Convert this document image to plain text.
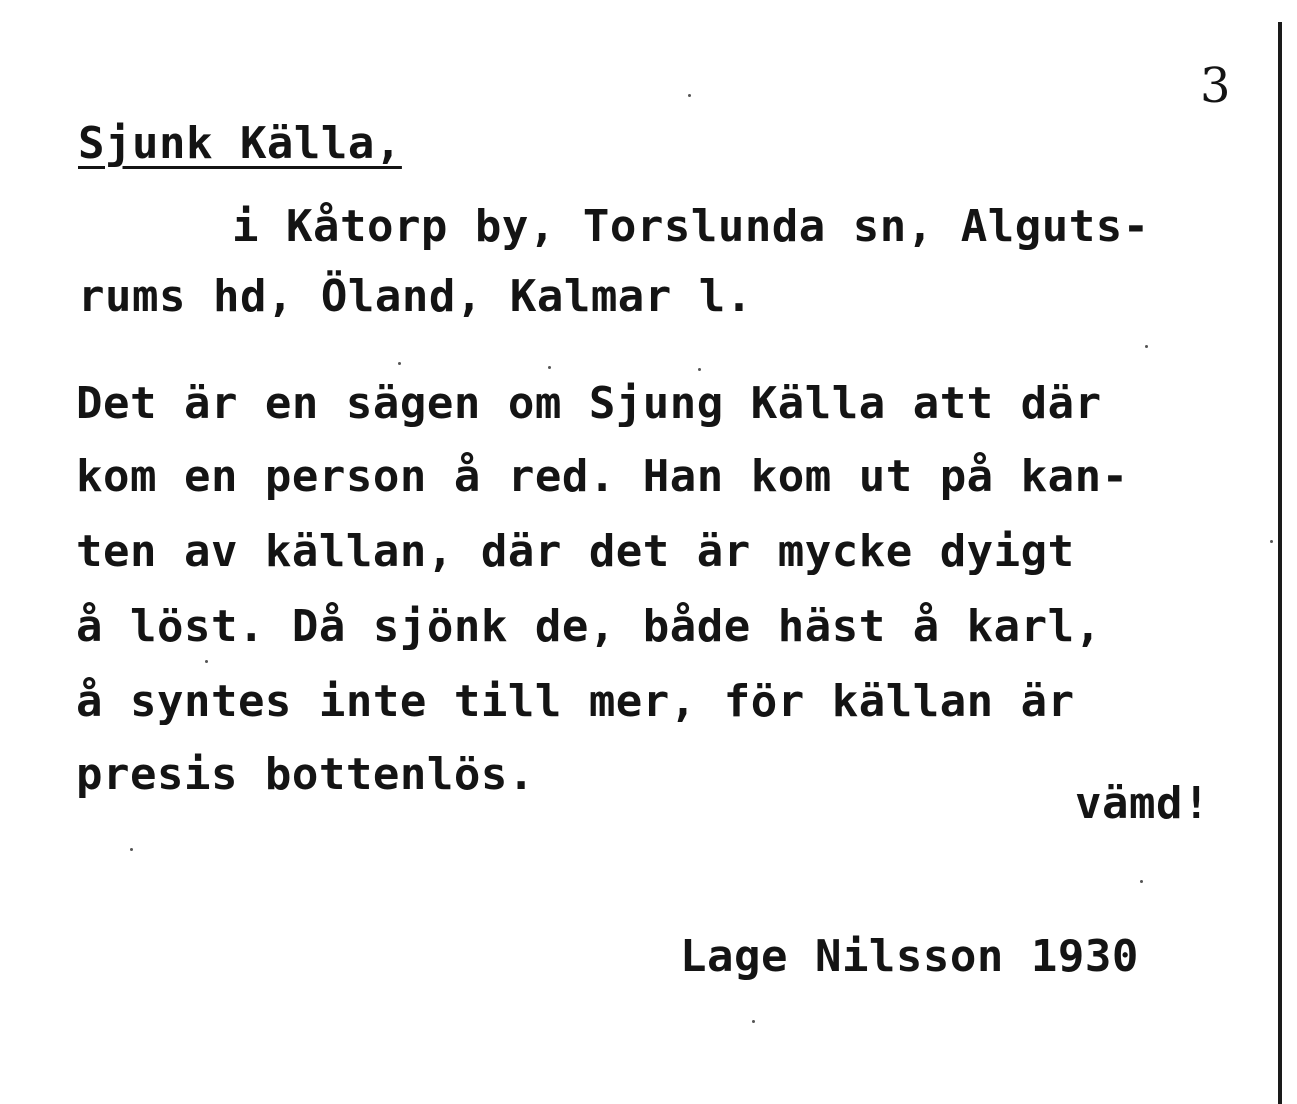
3
Sjunk Källa,
i Kåtorp by, Torslunda sn, Alguts-
rums hd, Öland, Kalmar l.
Det är en sägen om Sjung Källa att där
kom en person å red. Han kom ut på kan-
ten av källan, där det är mycke dyigt
å löst. Då sjönk de, både häst å karl,
å syntes inte till mer, för källan är
presis bottenlös.
vämd!
Lage Nilsson 1930
